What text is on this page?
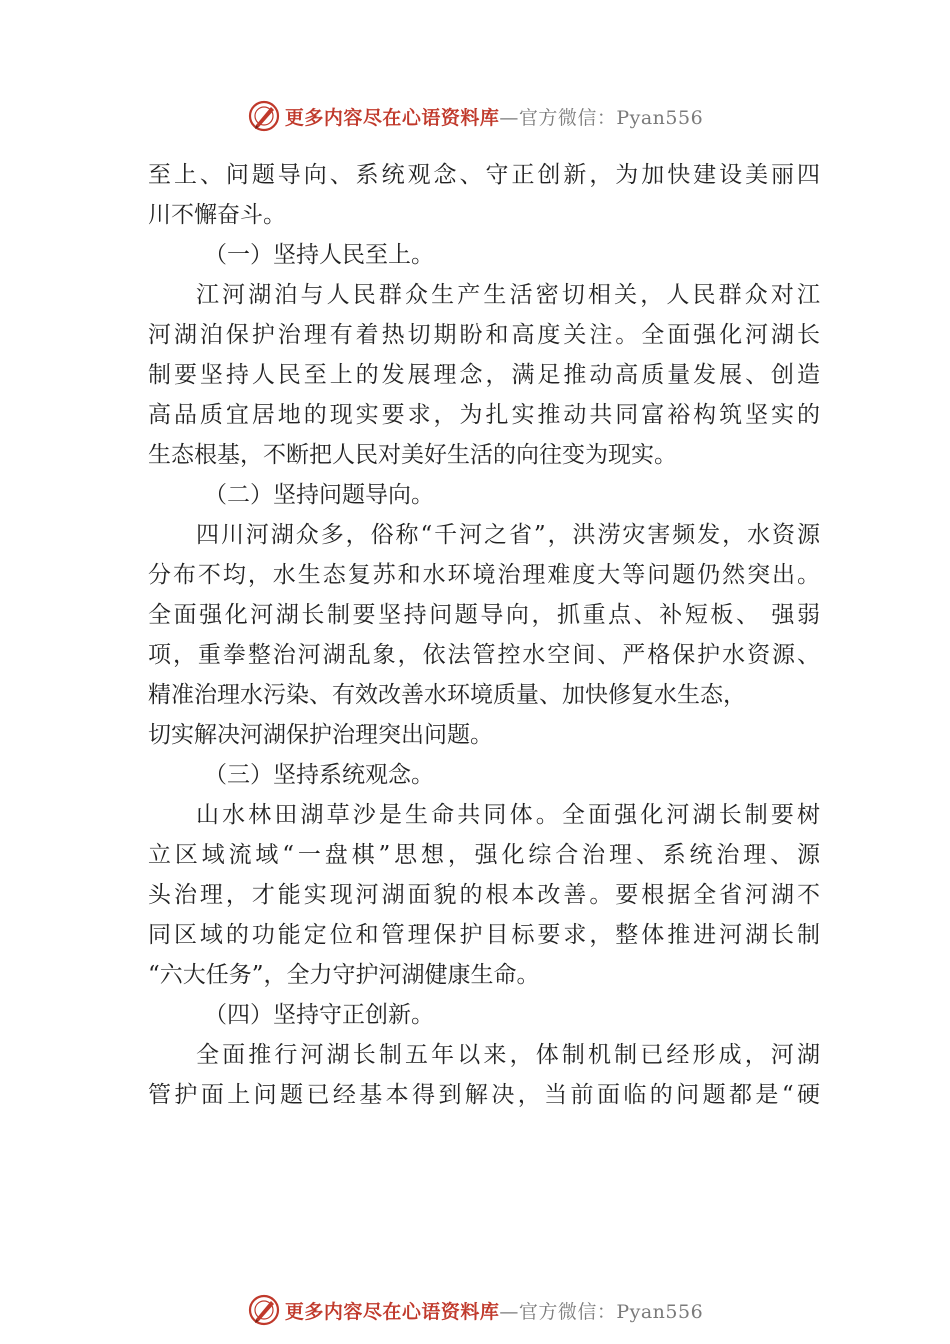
更多内容尽在心语资料库—官方微信：Pyan556
至上、问题导向、系统观念、守正创新，为加快建设美丽四
川不懈奋斗。
（一）坚持人民至上。
江河湖泊与人民群众生产生活密切相关，人民群众对江
河湖泊保护治理有着热切期盼和高度关注。全面强化河湖长
制要坚持人民至上的发展理念，满足推动高质量发展、创造
高品质宜居地的现实要求，为扎实推动共同富裕构筑坚实的
生态根基，不断把人民对美好生活的向往变为现实。
（二）坚持问题导向。
四川河湖众多，俗称“千河之省”，洪涝灾害频发，水资源
分布不均，水生态复苏和水环境治理难度大等问题仍然突出。
全面强化河湖长制要坚持问题导向，抓重点、补短板、 强弱
项，重拳整治河湖乱象，依法管控水空间、严格保护水资源、
精准治理水污染、有效改善水环境质量、加快修复水生态，
切实解决河湖保护治理突出问题。
（三）坚持系统观念。
山水林田湖草沙是生命共同体。全面强化河湖长制要树
立区域流域“一盘棋”思想，强化综合治理、系统治理、源
头治理，才能实现河湖面貌的根本改善。要根据全省河湖不
同区域的功能定位和管理保护目标要求，整体推进河湖长制
“六大任务”，全力守护河湖健康生命。
（四）坚持守正创新。
全面推行河湖长制五年以来，体制机制已经形成，河湖
管护面上问题已经基本得到解决，当前面临的问题都是“硬
更多内容尽在心语资料库—官方微信：Pyan556
